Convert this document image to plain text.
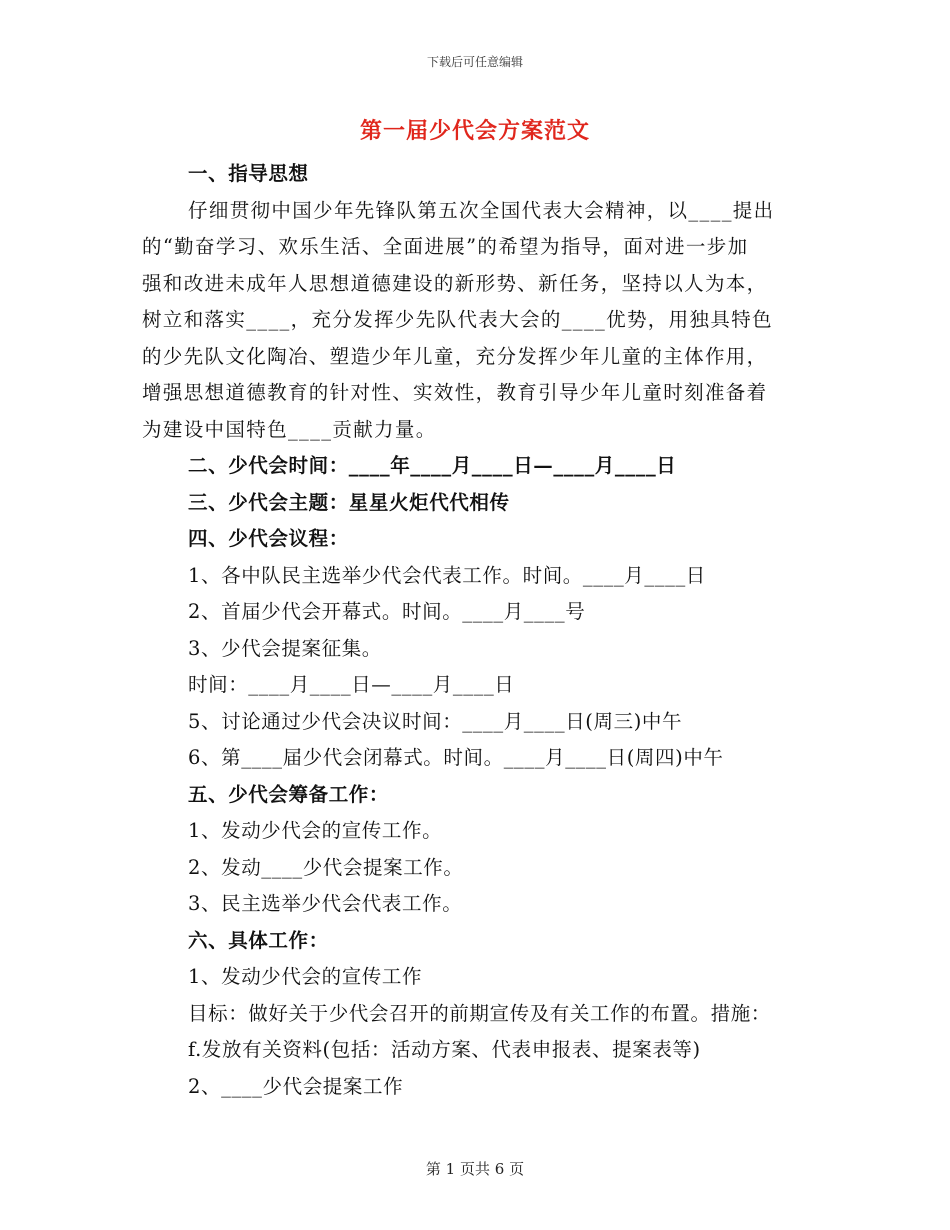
下载后可任意编辑
第一届少代会方案范文
一、指导思想
仔细贯彻中国少年先锋队第五次全国代表大会精神，以____提出
的“勤奋学习、欢乐生活、全面进展”的希望为指导，面对进一步加
强和改进未成年人思想道德建设的新形势、新任务，坚持以人为本，
树立和落实____，充分发挥少先队代表大会的____优势，用独具特色
的少先队文化陶冶、塑造少年儿童，充分发挥少年儿童的主体作用，
增强思想道德教育的针对性、实效性，教育引导少年儿童时刻准备着
为建设中国特色____贡献力量。
二、少代会时间：____年____月____日—____月____日
三、少代会主题：星星火炬代代相传
四、少代会议程：
1、各中队民主选举少代会代表工作。时间。____月____日
2、首届少代会开幕式。时间。____月____号
3、少代会提案征集。
时间：____月____日—____月____日
5、讨论通过少代会决议时间：____月____日(周三)中午
6、第____届少代会闭幕式。时间。____月____日(周四)中午
五、少代会筹备工作：
1、发动少代会的宣传工作。
2、发动____少代会提案工作。
3、民主选举少代会代表工作。
六、具体工作：
1、发动少代会的宣传工作
目标：做好关于少代会召开的前期宣传及有关工作的布置。措施：
f.发放有关资料(包括：活动方案、代表申报表、提案表等)
2、____少代会提案工作
第 1 页共 6 页
